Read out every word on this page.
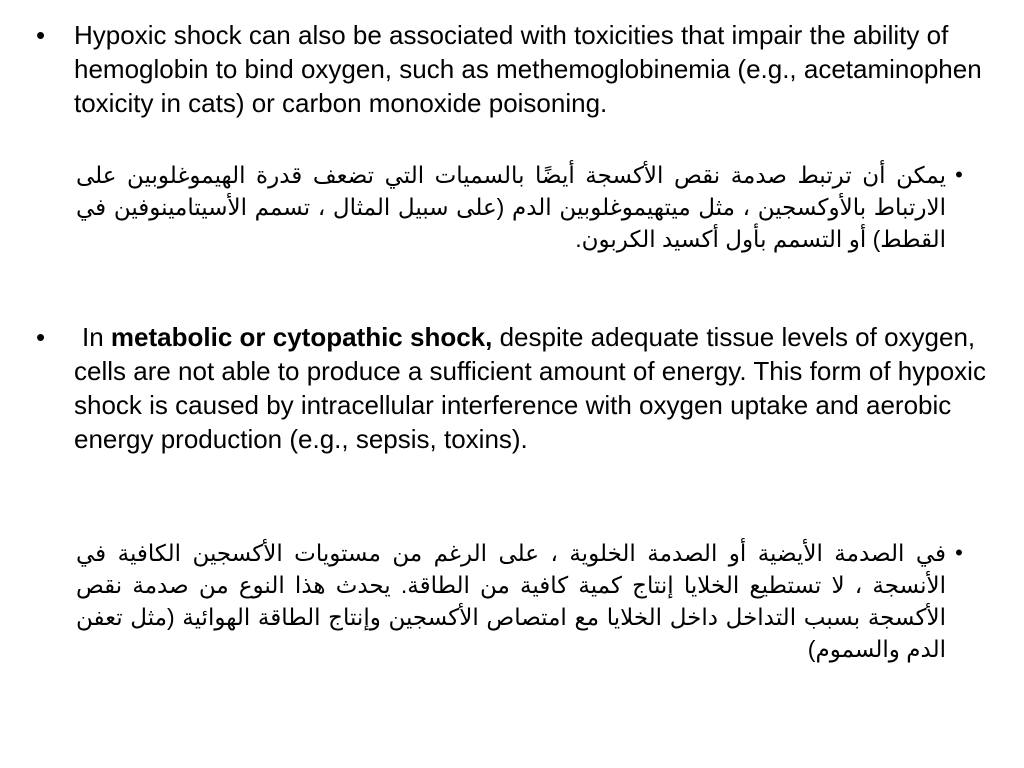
•	Hypoxic shock can also be associated with toxicities that impair the ability of hemoglobin to bind oxygen, such as methemoglobinemia (e.g., acetaminophen toxicity in cats) or carbon monoxide poisoning.
•
يمكن أن ترتبط صدمة نقص الأكسجة أيضًا بالسميات التي تضعف قدرة الهيموغلوبين على الارتباط بالأوكسجين ، مثل ميتهيموغلوبين الدم (على سبيل المثال ، تسمم الأسيتامينوفين في القطط) أو التسمم بأول أكسيد الكربون.
•	In metabolic or cytopathic shock, despite adequate tissue levels of oxygen, cells are not able to produce a sufficient amount of energy. This form of hypoxic shock is caused by intracellular interference with oxygen uptake and aerobic energy production (e.g., sepsis, toxins).
•
في الصدمة الأيضية أو الصدمة الخلوية ، على الرغم من مستويات الأكسجين الكافية في الأنسجة ، لا تستطيع الخلايا إنتاج كمية كافية من الطاقة. يحدث هذا النوع من صدمة نقص الأكسجة بسبب التداخل داخل الخلايا مع امتصاص الأكسجين وإنتاج الطاقة الهوائية (مثل تعفن الدم والسموم)
